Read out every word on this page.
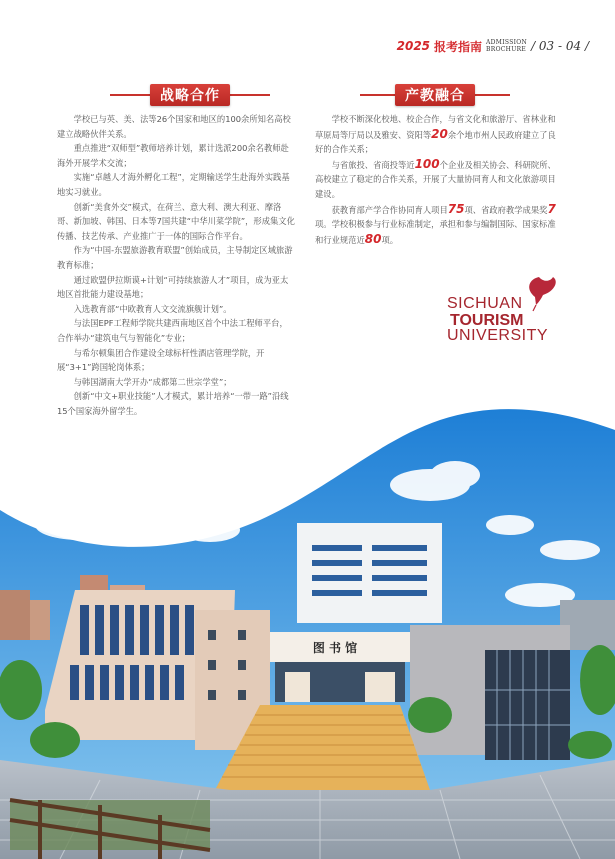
2025 报考指南 ADMISSION
BROCHURE / 03 - 04 /
战略合作	产教融合

学校已与英、美、法等26个国家和地区的100余所知名高校建立战略伙伴关系。

重点推进“双师型”教师培养计划，累计选派200余名教师赴海外开展学术交流；

实施“卓越人才海外孵化工程”，定期输送学生赴海外实践基地实习就业。

创新“美食外交”模式，在荷兰、意大利、澳大利亚、摩洛哥、新加坡、韩国、日本等7国共建“中华川菜学院”，形成集文化传播、技艺传承、产业推广于一体的国际合作平台。

作为“中国-东盟旅游教育联盟”创始成员，主导制定区域旅游教育标准；

通过欧盟伊拉斯谟+计划“可持续旅游人才”项目，成为亚太地区首批能力建设基地；

入选教育部“中欧教育人文交流旗舰计划”。

与法国EPF工程师学院共建西南地区首个中法工程师平台，合作举办“建筑电气与智能化”专业；

与希尔顿集团合作建设全球标杆性酒店管理学院，开展“3+1”跨国轮岗体系；

与韩国湖南大学开办“成都第二世宗学堂”；

创新“中文+职业技能”人才模式，累计培养“一带一路”沿线15个国家海外留学生。

学校不断深化校地、校企合作，与省文化和旅游厅、省林业和草原局等厅局以及雅安、资阳等20余个地市州人民政府建立了良好的合作关系；

与省旅投、省商投等近100个企业及相关协会、科研院所、高校建立了稳定的合作关系，开展了大量协同育人和文化旅游项目建设。

获教育部产学合作协同育人项目75项、省政府教学成果奖7项。学校积极参与行业标准制定，承担和参与编制国际、国家标准和行业规范近80项。

SICHUAN
TOURISM
UNIVERSITY
图 书 馆
